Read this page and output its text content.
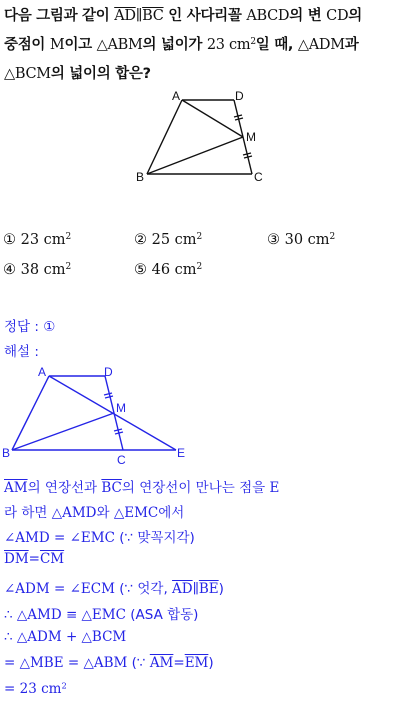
다음 그림과 같이 $\overline{AD}\parallel\overline{BC}$ 인 사다리꼴 ABCD의 변 CD의
중점이 M이고 △ABM의 넓이가 23 $cm^2$일 때, △ADM과
△BCM의 넓이의 합은?
A	D
M
B	C
① 23 $cm^2$	② 25 $cm^2$	③ 30 $cm^2$
④ 38 $cm^2$	⑤ 46 $cm^2$
정답 : ①
해설 :
A	D
M
B	C	E
$\overline{AM}$의 연장선과 $\overline{BC}$의 연장선이 만나는 점을 E
라 하면 △AMD와 △EMC에서
∠AMD = ∠EMC (∵ 맞꼭지각)
$\overline{DM}=\overline{CM}$
∠ADM = ∠ECM (∵ 엇각, $\overline{AD}\parallel\overline{BE}$)
∴ △AMD ≡ △EMC (ASA 합동)
∴ △ADM + △BCM
= △MBE = △ABM (∵ $\overline{AM}=\overline{EM}$)
= 23 $cm^2$
